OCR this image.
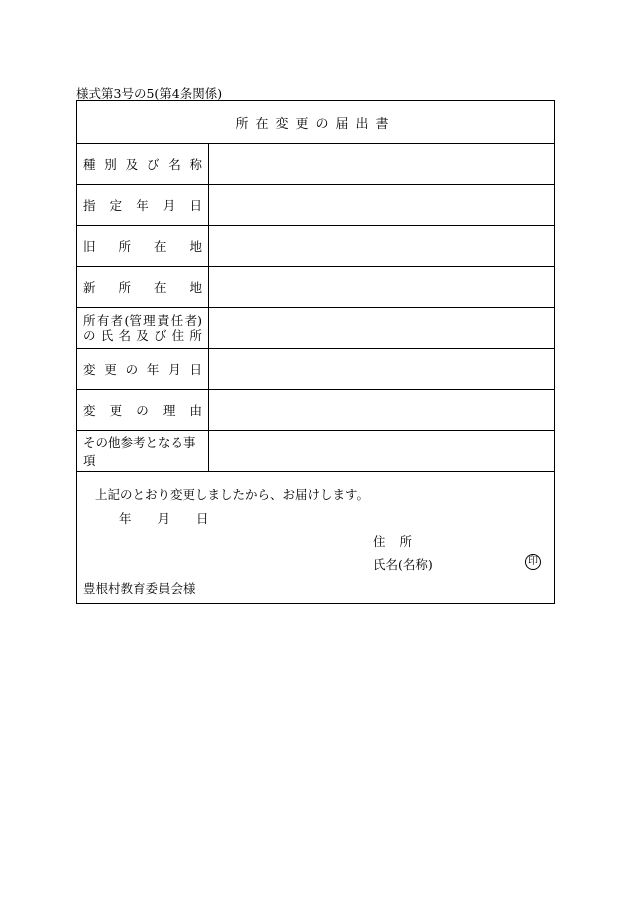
様式第3号の5(第4条関係)
所在変更の届出書
種 別 及 び 名 称
指 定 年 月 日
旧 所 在 地
新 所 在 地
所 有 者 (管 理 責 任 者)
の 氏 名 及 び 住 所
変 更 の 年 月 日
変 更 の 理 由
その他参考となる事項
上記のとおり変更しましたから、お届けします。
年 月 日
住 所
氏名(名称)	印
豊根村教育委員会様
